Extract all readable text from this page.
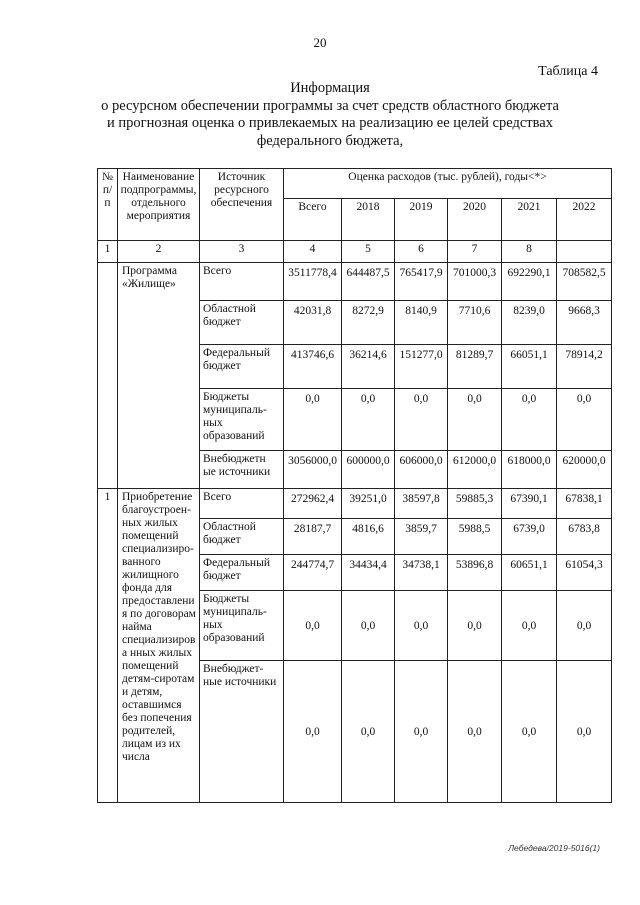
20
Таблица 4
Информация
о ресурсном обеспечении программы за счет средств областного бюджета
и прогнозная оценка о привлекаемых на реализацию ее целей средствах
федерального бюджета,
№ п/п	Наименование подпрограммы, отдельного мероприятия	Источник ресурсного обеспечения	Оценка расходов (тыс. рублей), годы<*>					
			Всего	2018	2019	2020	2021	2022
1	2	3	4	5	6	7	8	
	Программа «Жилище»	Всего	3511778,4	644487,5	765417,9	701000,3	692290,1	708582,5
		Областной бюджет	42031,8	8272,9	8140,9	7710,6	8239,0	9668,3
		Федеральный бюджет	413746,6	36214,6	151277,0	81289,7	66051,1	78914,2
		Бюджеты муниципаль-ных образований	0,0	0,0	0,0	0,0	0,0	0,0
		Внебюджетн ые источники	3056000,0	600000,0	606000,0	612000,0	618000,0	620000,0
1	Приобретение благоустроен-ных жилых помещений специализиро-ванного жилищного фонда для предоставления по договорам найма специализирова нных жилых помещений детям-сиротам и детям, оставшимся без попечения родителей, лицам из их числа	Всего	272962,4	39251,0	38597,8	59885,3	67390,1	67838,1
		Областной бюджет	28187,7	4816,6	3859,7	5988,5	6739,0	6783,8
		Федеральный бюджет	244774,7	34434,4	34738,1	53896,8	60651,1	61054,3
		Бюджеты муниципаль-ных образований	0,0	0,0	0,0	0,0	0,0	0,0
		Внебюджет-ные источники	0,0	0,0	0,0	0,0	0,0	0,0
Лебедева/2019-5016(1)
